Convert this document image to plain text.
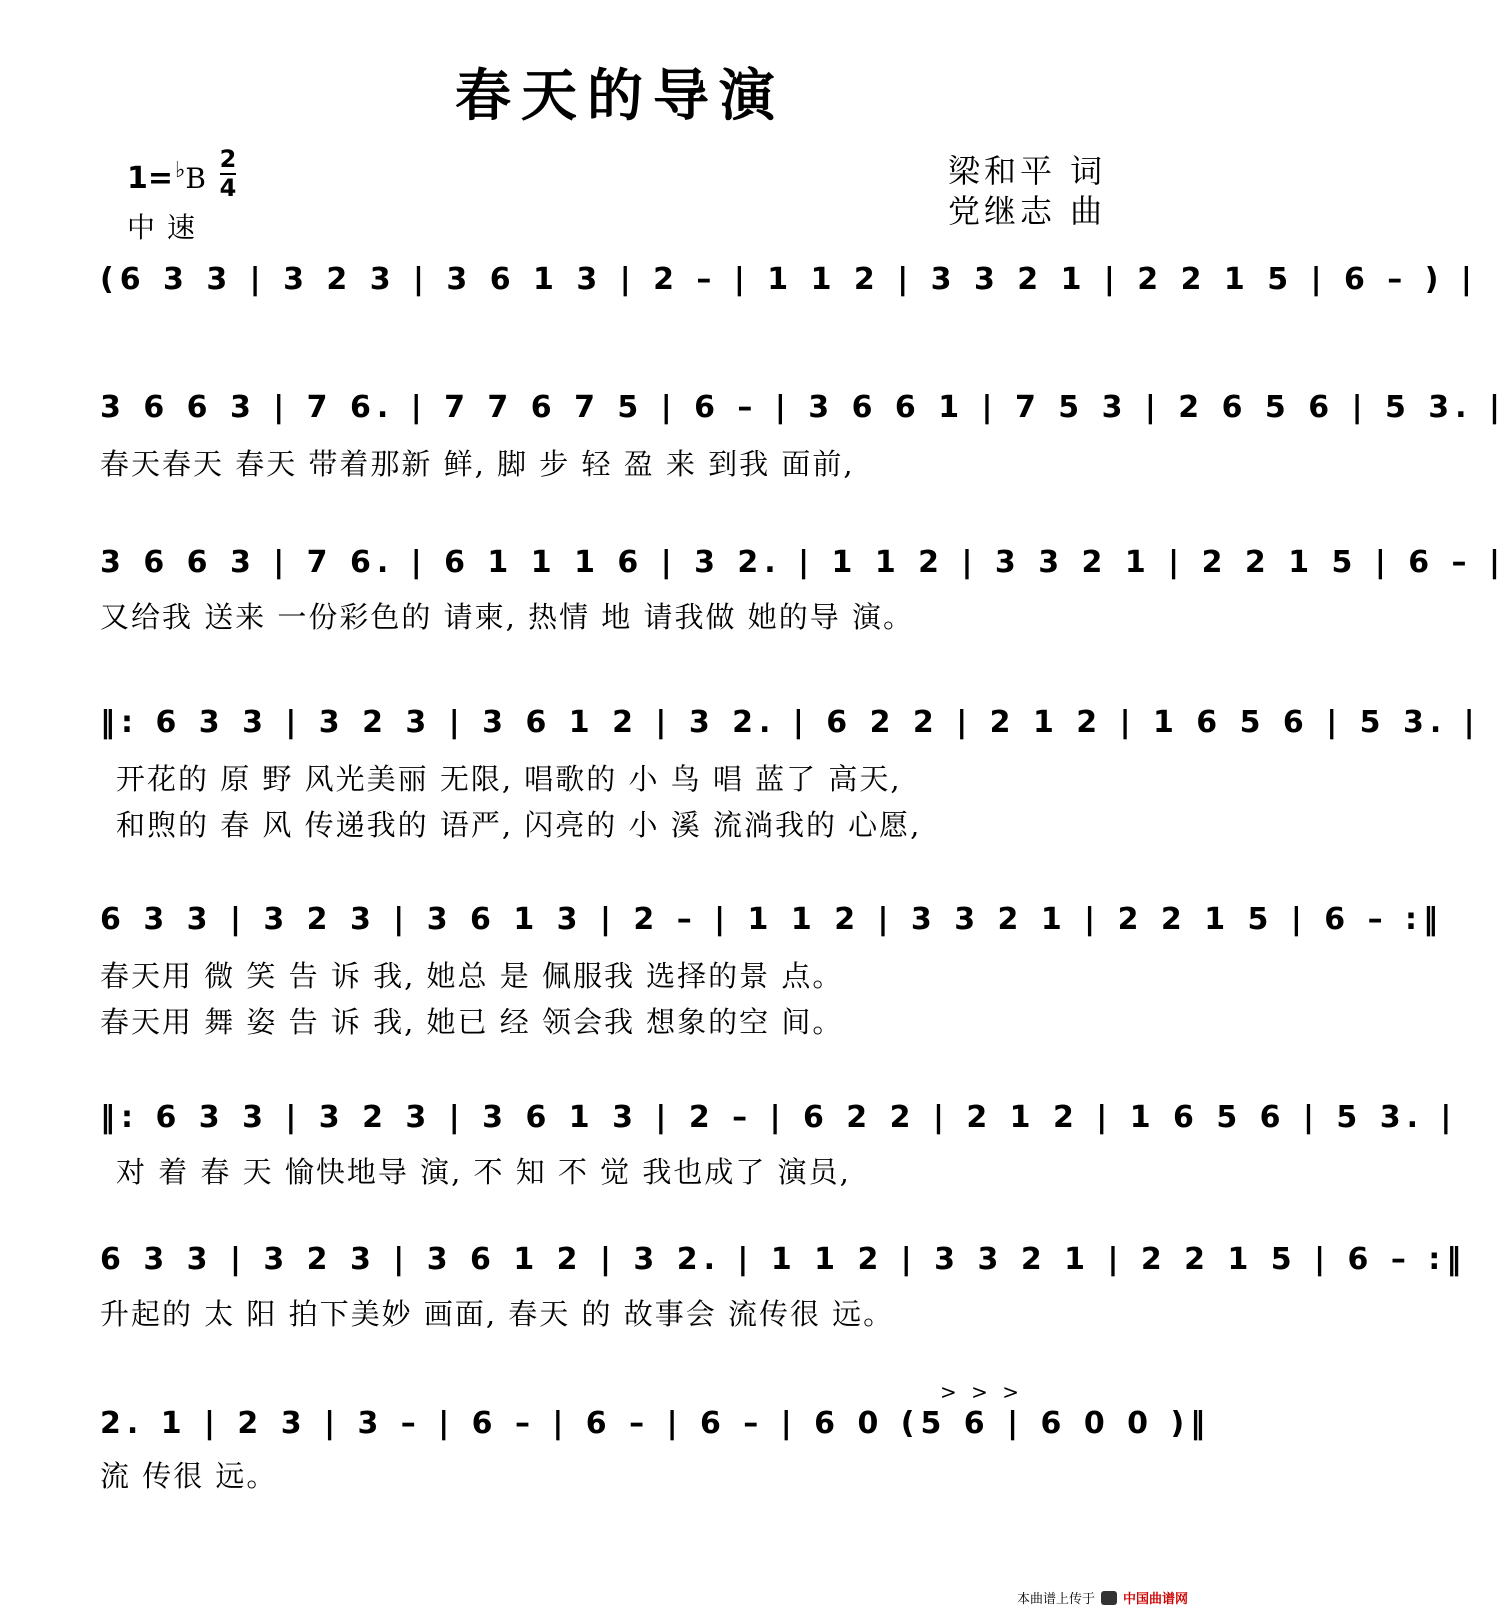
春天的导演
1=♭B
2
4
中速
梁和平 词
党继志 曲
(6 3 3 | 3 2 3 | 3 6 1 3 | 2 – | 1 1 2 | 3 3 2 1 | 2 2 1 5 | 6 – ) |
3 6 6 3 | 7 6. | 7 7 6 7 5 | 6 – | 3 6 6 1 | 7 5 3 | 2 6 5 6 | 5 3. |
春天春天 春天 带着那新 鲜, 脚 步 轻 盈 来 到我 面前,
3 6 6 3 | 7 6. | 6 1 1 1 6 | 3 2. | 1 1 2 | 3 3 2 1 | 2 2 1 5 | 6 – |
又给我 送来 一份彩色的 请柬, 热情 地 请我做 她的导 演。
‖: 6 3 3 | 3 2 3 | 3 6 1 2 | 3 2. | 6 2 2 | 2 1 2 | 1 6 5 6 | 5 3. |
开花的 原 野 风光美丽 无限, 唱歌的 小 鸟 唱 蓝了 高天,
和煦的 春 风 传递我的 语严, 闪亮的 小 溪 流淌我的 心愿,
6 3 3 | 3 2 3 | 3 6 1 3 | 2 – | 1 1 2 | 3 3 2 1 | 2 2 1 5 | 6 – :‖
春天用 微 笑 告 诉 我, 她总 是 佩服我 选择的景 点。
春天用 舞 姿 告 诉 我, 她已 经 领会我 想象的空 间。
‖: 6 3 3 | 3 2 3 | 3 6 1 3 | 2 – | 6 2 2 | 2 1 2 | 1 6 5 6 | 5 3. |
对 着 春 天 愉快地导 演, 不 知 不 觉 我也成了 演员,
6 3 3 | 3 2 3 | 3 6 1 2 | 3 2. | 1 1 2 | 3 3 2 1 | 2 2 1 5 | 6 – :‖
升起的 太 阳 拍下美妙 画面, 春天 的 故事会 流传很 远。
> > >
2. 1 | 2 3 | 3 – | 6 – | 6 – | 6 – | 6 0 (5 6 | 6 0 0 )‖
流 传很 远。
本曲谱上传于 中国曲谱网
